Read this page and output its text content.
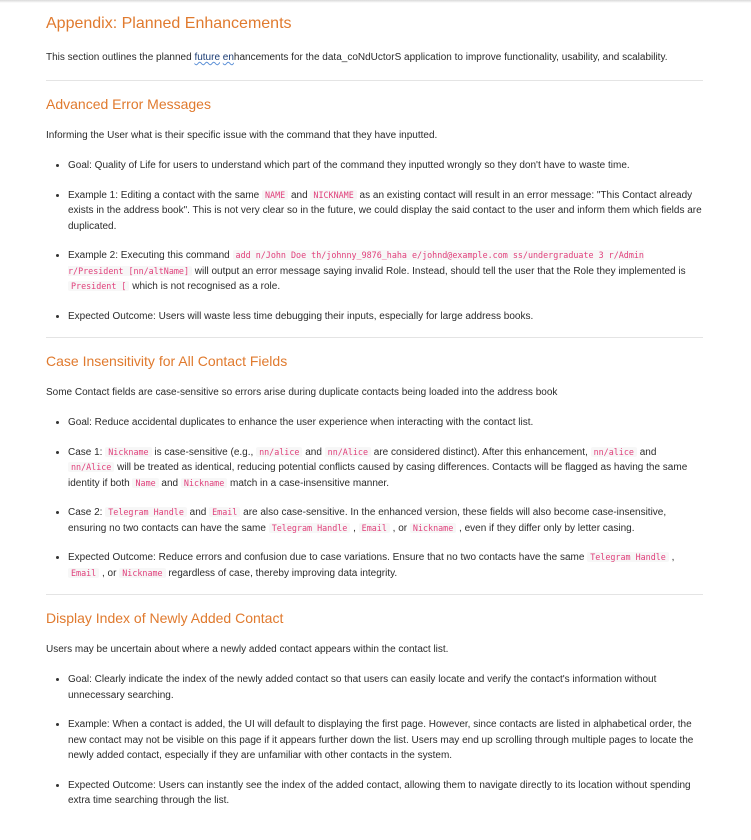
Appendix: Planned Enhancements

This section outlines the planned future enhancements for the data_coNdUctorS application to improve functionality, usability, and scalability.

Advanced Error Messages

Informing the User what is their specific issue with the command that they have inputted.

• Goal: Quality of Life for users to understand which part of the command they inputted wrongly so they don't have to waste time.
• Example 1: Editing a contact with the same NAME and NICKNAME as an existing contact will result in an error message: "This Contact already exists in the address book". This is not very clear so in the future, we could display the said contact to the user and inform them which fields are duplicated.
• Example 2: Executing this command add n/John Doe th/johnny_9876_haha e/johnd@example.com ss/undergraduate 3 r/Admin r/President [nn/altName] will output an error message saying invalid Role. Instead, should tell the user that the Role they implemented is President [ which is not recognised as a role.
• Expected Outcome: Users will waste less time debugging their inputs, especially for large address books.
Case Insensitivity for All Contact Fields

Some Contact fields are case-sensitive so errors arise during duplicate contacts being loaded into the address book

• Goal: Reduce accidental duplicates to enhance the user experience when interacting with the contact list.
• Case 1: Nickname is case-sensitive (e.g., nn/alice and nn/Alice are considered distinct). After this enhancement, nn/alice and nn/Alice will be treated as identical, reducing potential conflicts caused by casing differences. Contacts will be flagged as having the same identity if both Name and Nickname match in a case-insensitive manner.
• Case 2: Telegram Handle and Email are also case-sensitive. In the enhanced version, these fields will also become case-insensitive, ensuring no two contacts can have the same Telegram Handle , Email , or Nickname , even if they differ only by letter casing.
• Expected Outcome: Reduce errors and confusion due to case variations. Ensure that no two contacts have the same Telegram Handle , Email , or Nickname regardless of case, thereby improving data integrity.
Display Index of Newly Added Contact

Users may be uncertain about where a newly added contact appears within the contact list.

• Goal: Clearly indicate the index of the newly added contact so that users can easily locate and verify the contact's information without unnecessary searching.
• Example: When a contact is added, the UI will default to displaying the first page. However, since contacts are listed in alphabetical order, the new contact may not be visible on this page if it appears further down the list. Users may end up scrolling through multiple pages to locate the newly added contact, especially if they are unfamiliar with other contacts in the system.
• Expected Outcome: Users can instantly see the index of the added contact, allowing them to navigate directly to its location without spending extra time searching through the list.
